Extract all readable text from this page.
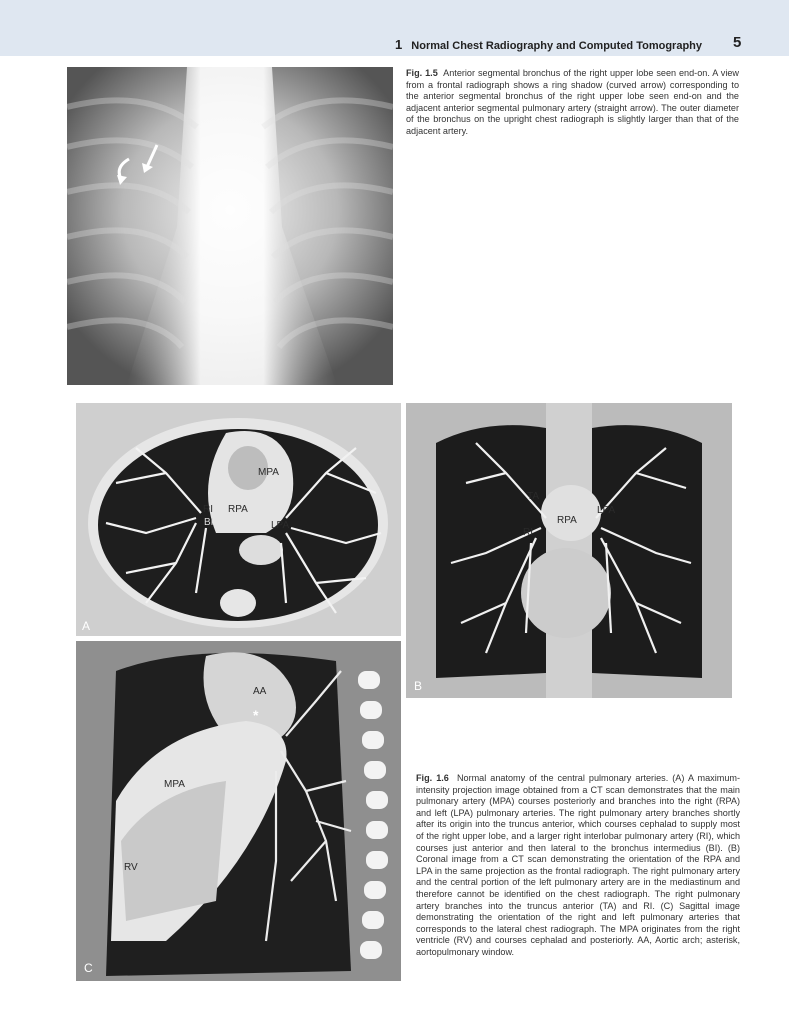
1 Normal Chest Radiography and Computed Tomography 5
Fig. 1.5 Anterior segmental bronchus of the right upper lobe seen end-on. A view from a frontal radiograph shows a ring shadow (curved arrow) corresponding to the anterior segmental bronchus of the right upper lobe seen end-on and the adjacent anterior segmental pulmonary artery (straight arrow). The outer diameter of the bronchus on the upright chest radiograph is slightly larger than that of the adjacent artery.
MPA
RI RPA
BI	LPA
A
TA
LPA
RPA
RI
B
AA
*
MPA
RV
C
Fig. 1.6 Normal anatomy of the central pulmonary arteries. (A) A maximum-intensity projection image obtained from a CT scan demonstrates that the main pulmonary artery (MPA) courses posteriorly and branches into the right (RPA) and left (LPA) pulmonary arteries. The right pulmonary artery branches shortly after its origin into the truncus anterior, which courses cephalad to supply most of the right upper lobe, and a larger right interlobar pulmonary artery (RI), which courses just anterior and then lateral to the bronchus intermedius (BI). (B) Coronal image from a CT scan demonstrating the orientation of the RPA and LPA in the same projection as the frontal radiograph. The right pulmonary artery and the central portion of the left pulmonary artery are in the mediastinum and therefore cannot be identified on the chest radiograph. The right pulmonary artery branches into the truncus anterior (TA) and RI. (C) Sagittal image demonstrating the orientation of the right and left pulmonary arteries that corresponds to the lateral chest radiograph. The MPA originates from the right ventricle (RV) and courses cephalad and posteriorly. AA, Aortic arch; asterisk, aortopulmonary window.
